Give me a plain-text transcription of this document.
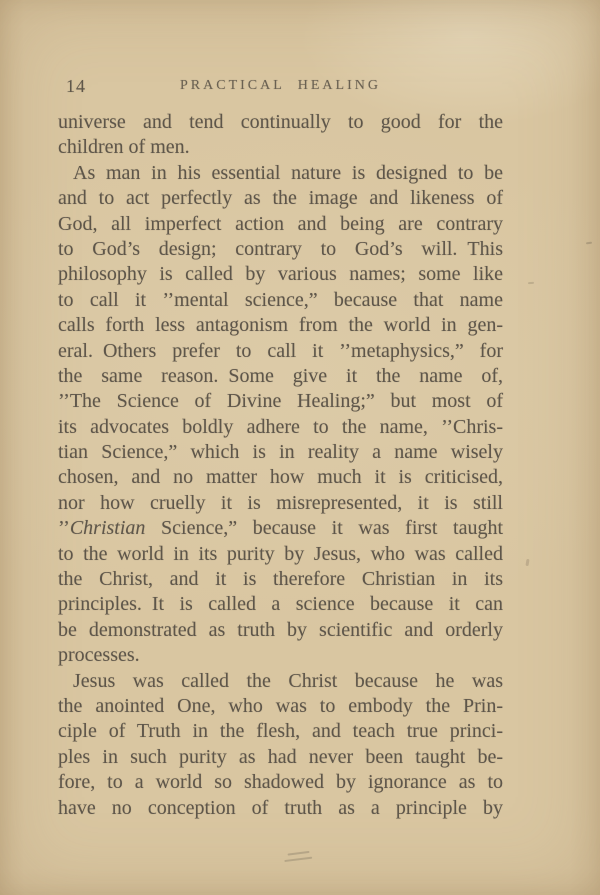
14	PRACTICAL HEALING
universe and tend continually to good for the
children of men.
As man in his essential nature is designed to be
and to act perfectly as the image and likeness of
God, all imperfect action and being are contrary
to God’s design; contrary to God’s will. This
philosophy is called by various names; some like
to call it ’’mental science,” because that name
calls forth less antagonism from the world in gen-
eral. Others prefer to call it ’’metaphysics,” for
the same reason. Some give it the name of,
’’The Science of Divine Healing;” but most of
its advocates boldly adhere to the name, ’’Chris-
tian Science,” which is in reality a name wisely
chosen, and no matter how much it is criticised,
nor how cruelly it is misrepresented, it is still
’’Christian Science,” because it was first taught
to the world in its purity by Jesus, who was called
the Christ, and it is therefore Christian in its
principles. It is called a science because it can
be demonstrated as truth by scientific and orderly
processes.
Jesus was called the Christ because he was
the anointed One, who was to embody the Prin-
ciple of Truth in the flesh, and teach true princi-
ples in such purity as had never been taught be-
fore, to a world so shadowed by ignorance as to
have no conception of truth as a principle by
